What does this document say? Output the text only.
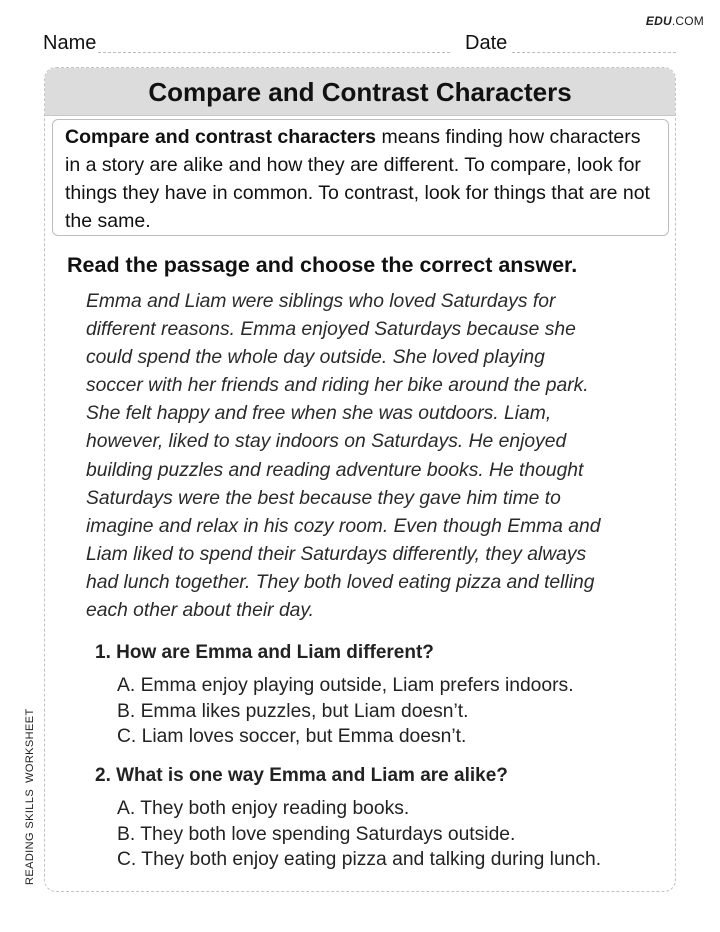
EDU.COM
Name	Date
Compare and Contrast Characters
Compare and contrast characters means finding how characters in a story are alike and how they are different. To compare, look for things they have in common. To contrast, look for things that are not the same.
Read the passage and choose the correct answer.
Emma and Liam were siblings who loved Saturdays for
different reasons. Emma enjoyed Saturdays because she
could spend the whole day outside. She loved playing
soccer with her friends and riding her bike around the park.
She felt happy and free when she was outdoors. Liam,
however, liked to stay indoors on Saturdays. He enjoyed
building puzzles and reading adventure books. He thought
Saturdays were the best because they gave him time to
imagine and relax in his cozy room. Even though Emma and
Liam liked to spend their Saturdays differently, they always
had lunch together. They both loved eating pizza and telling
each other about their day.
1. How are Emma and Liam different?
A. Emma enjoy playing outside, Liam prefers indoors.
B. Emma likes puzzles, but Liam doesn’t.
C. Liam loves soccer, but Emma doesn’t.
2. What is one way Emma and Liam are alike?
A. They both enjoy reading books.
B. They both love spending Saturdays outside.
C. They both enjoy eating pizza and talking during lunch.
READING SKILLSWORKSHEET
